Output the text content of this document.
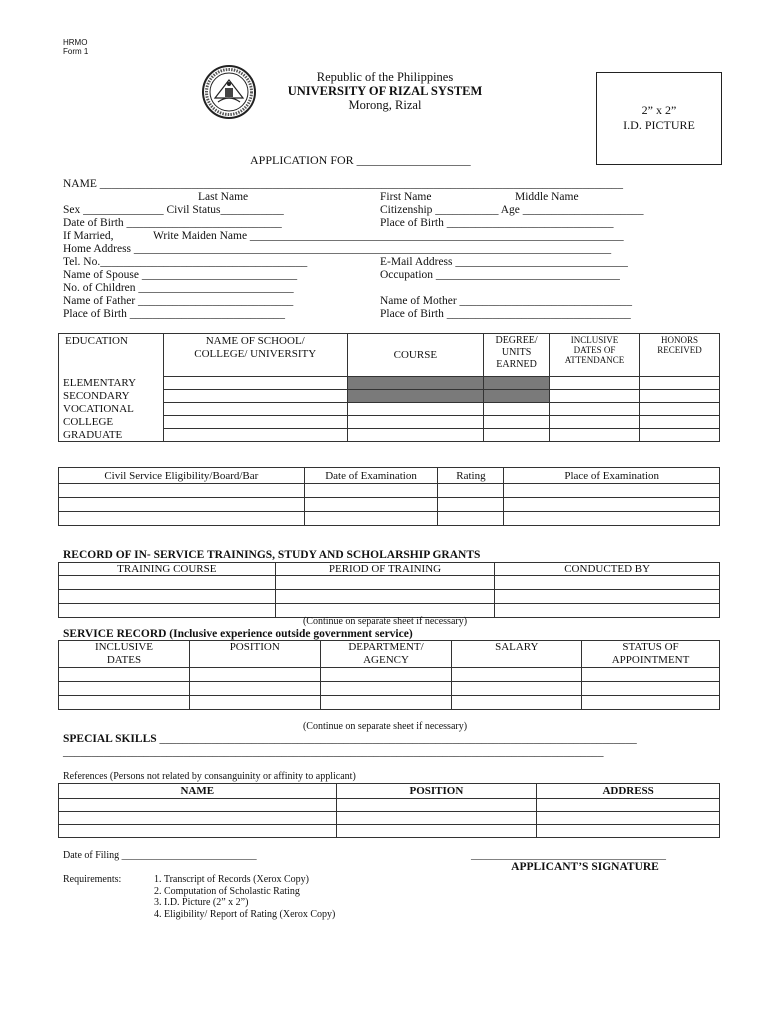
HRMO
Form 1
Republic of the Philippines
UNIVERSITY OF RIZAL SYSTEM
Morong, Rizal	2” x 2”
I.D. PICTURE
APPLICATION FOR ___________________
NAME ___________________________________________________________________________________________
Last Name	First Name	Middle Name
Sex ______________ Civil Status___________	Citizenship ___________ Age _____________________
Date of Birth ___________________________	Place of Birth _____________________________
If Married,	Write Maiden Name _________________________________________________________________
Home Address ___________________________________________________________________________________
Tel. No.____________________________________	E-Mail Address ______________________________
Name of Spouse ___________________________	Occupation ________________________________
No. of Children ___________________________
Name of Father ___________________________	Name of Mother ______________________________
Place of Birth ___________________________	Place of Birth ________________________________
EDUCATION	NAME OF SCHOOL/ COLLEGE/ UNIVERSITY	COURSE	DEGREE/ UNITS EARNED	INCLUSIVE DATES OF ATTENDANCE	HONORS RECEIVED
ELEMENTARY					
SECONDARY					
VOCATIONAL					
COLLEGE					
GRADUATE					
Civil Service Eligibility/Board/Bar	Date of Examination	Rating	Place of Examination

RECORD OF IN- SERVICE TRAININGS, STUDY AND SCHOLARSHIP GRANTS
TRAINING COURSE	PERIOD OF TRAINING	CONDUCTED BY

(Continue on separate sheet if necessary)
SERVICE RECORD (Inclusive experience outside government service)
INCLUSIVE DATES	POSITION	DEPARTMENT/ AGENCY	SALARY	STATUS OF APPOINTMENT

(Continue on separate sheet if necessary)
SPECIAL SKILLS ___________________________________________________________________________________
______________________________________________________________________________________________
References (Persons not related by consanguinity or affinity to applicant)
NAME	POSITION	ADDRESS

Date of Filing ___________________________	_______________________________________
APPLICANT’S SIGNATURE
Requirements:	1. Transcript of Records (Xerox Copy)
2. Computation of Scholastic Rating
3. I.D. Picture (2” x 2”)
4. Eligibility/ Report of Rating (Xerox Copy)
